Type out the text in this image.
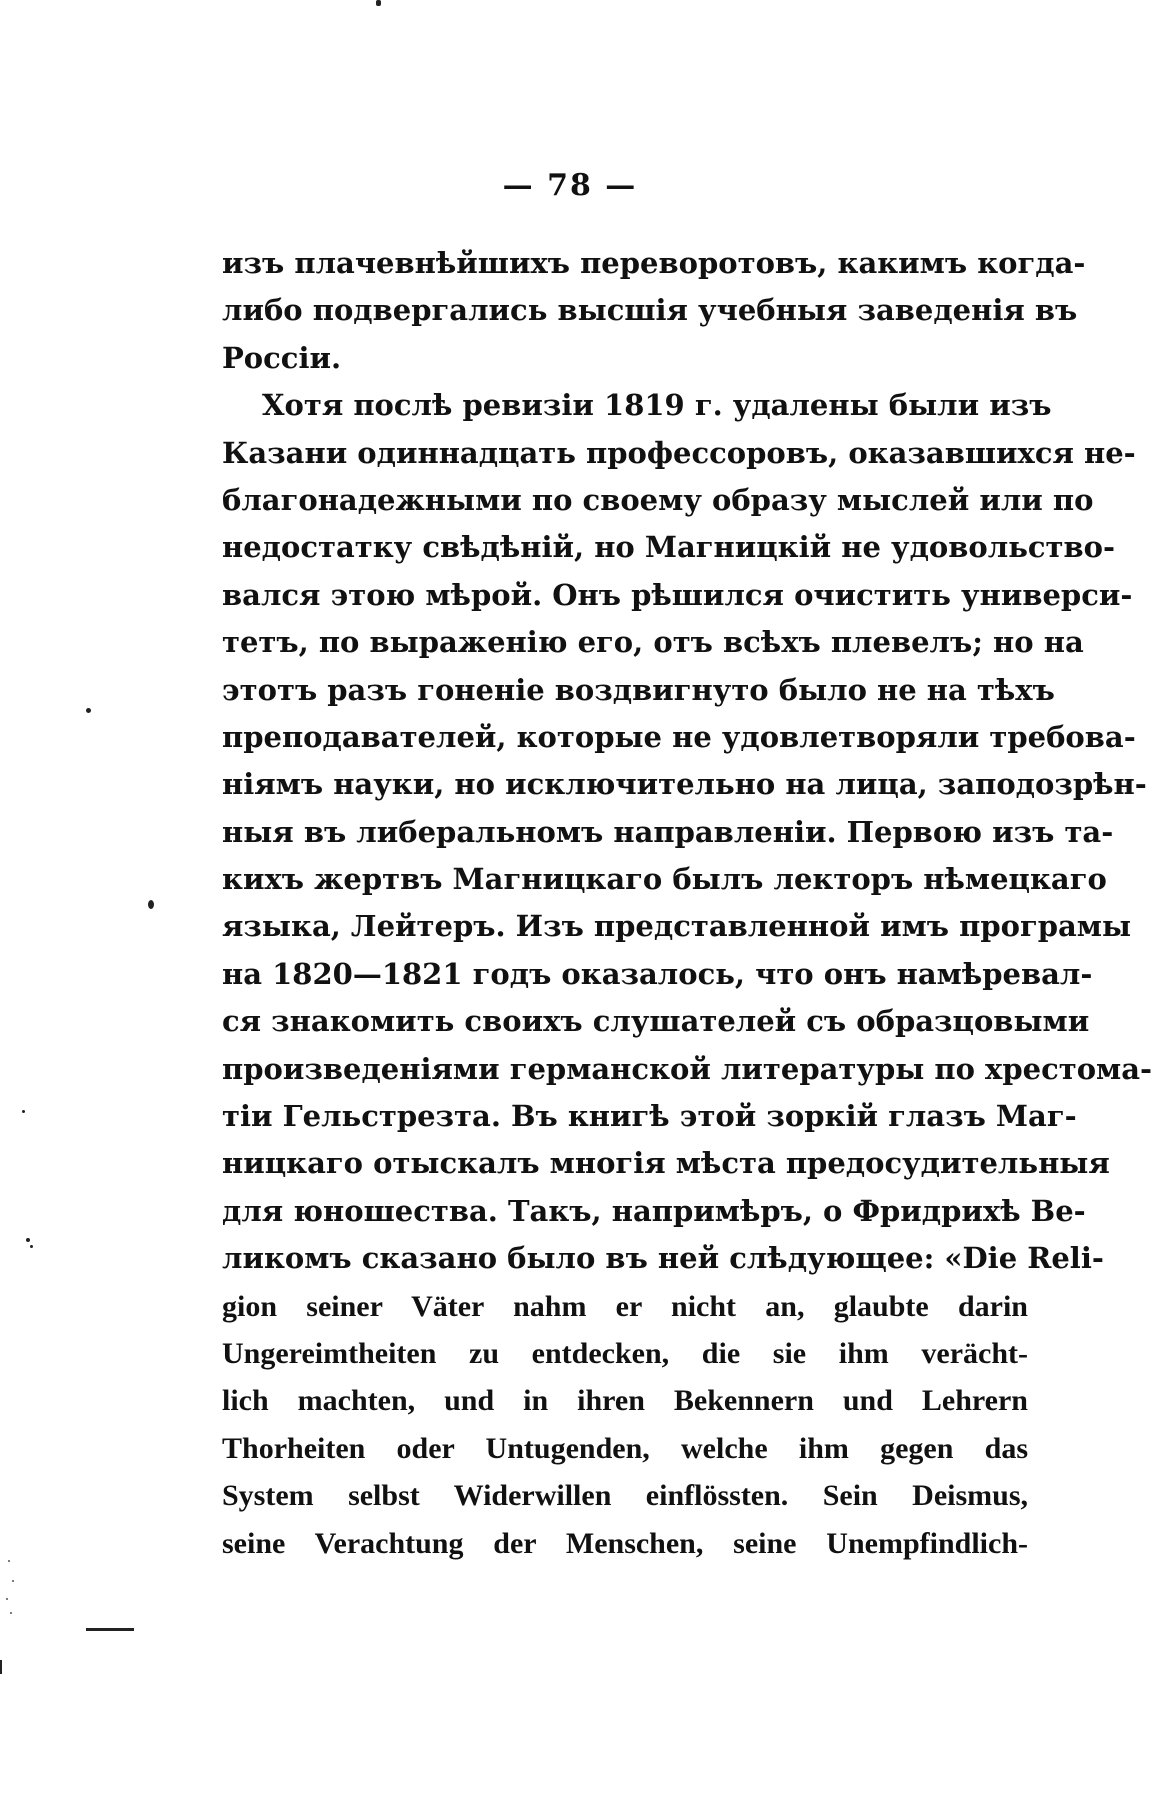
— 78 —
изъ плачевнѣйшихъ переворотовъ, какимъ когда-
либо подвергались высшія учебныя заведенія въ
Россіи.
Хотя послѣ ревизіи 1819 г. удалены были изъ
Казани одиннадцать профессоровъ, оказавшихся не-
благонадежными по своему образу мыслей или по
недостатку свѣдѣній, но Магницкій не удовольство-
вался этою мѣрой. Онъ рѣшился очистить универси-
тетъ, по выраженію его, отъ всѣхъ плевелъ; но на
этотъ разъ гоненіе воздвигнуто было не на тѣхъ
преподавателей, которые не удовлетворяли требова-
ніямъ науки, но исключительно на лица, заподозрѣн-
ныя въ либеральномъ направленіи. Первою изъ та-
кихъ жертвъ Магницкаго былъ лекторъ нѣмецкаго
языка, Лейтеръ. Изъ представленной имъ програмы
на 1820—1821 годъ оказалось, что онъ намѣревал-
ся знакомить своихъ слушателей съ образцовыми
произведеніями германской литературы по хрестома-
тіи Гельстрезта. Въ книгѣ этой зоркій глазъ Маг-
ницкаго отыскалъ многія мѣста предосудительныя
для юношества. Такъ, напримѣръ, о Фридрихѣ Ве-
ликомъ сказано было въ ней слѣдующее: «Die Reli-
gion seiner Väter nahm er nicht an, glaubte darin
Ungereimtheiten zu entdecken, die sie ihm verächt-
lich machten, und in ihren Bekennern und Lehrern
Thorheiten oder Untugenden, welche ihm gegen das
System selbst Widerwillen einflössten. Sein Deismus,
seine Verachtung der Menschen, seine Unempfindlich-
